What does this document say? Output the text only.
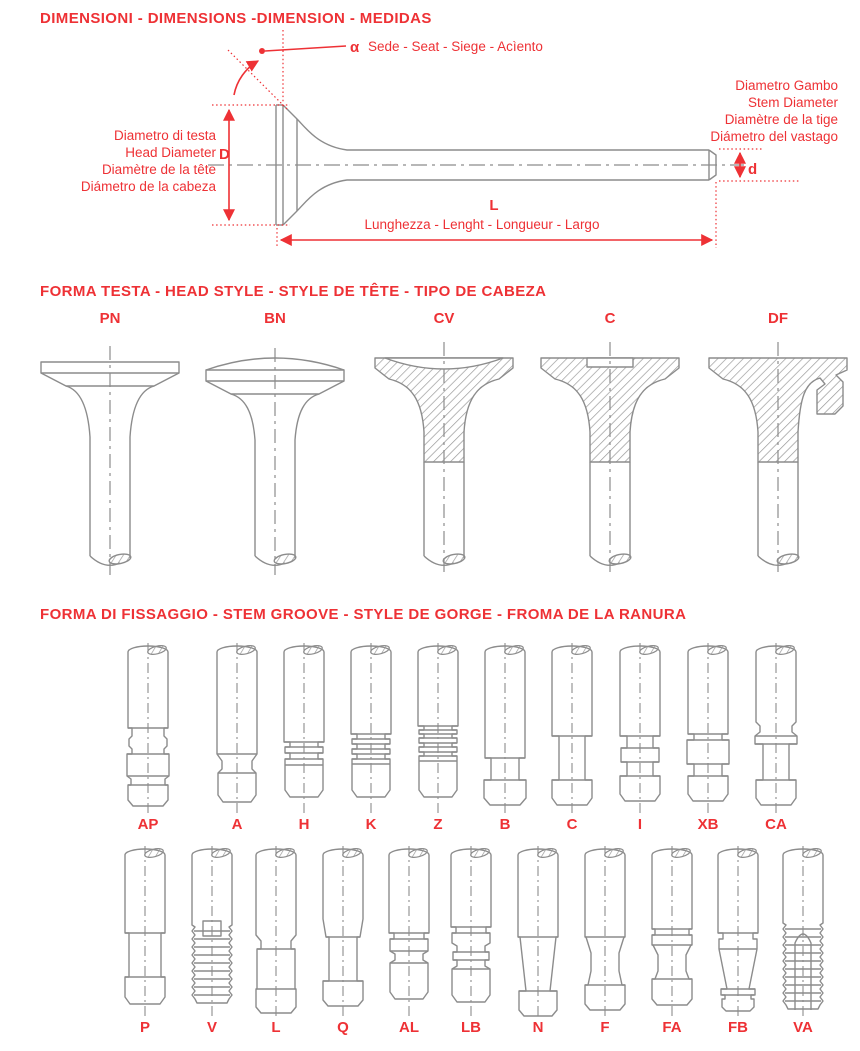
DIMENSIONI - DIMENSIONS -DIMENSION - MEDIDAS
α Sede - Seat - Siege - Acìento
D
Diametro di testa
Head Diameter
Diamètre de la tête
Diámetro de la cabeza
d
Diametro Gambo
Stem Diameter
Diamètre de la tige
Diámetro del vastago
L
Lunghezza - Lenght - Longueur - Largo
FORMA TESTA - HEAD STYLE - STYLE DE TÊTE - TIPO DE CABEZA
PN	BN	CV	C	DF
FORMA DI FISSAGGIO - STEM GROOVE - STYLE DE GORGE - FROMA DE LA RANURA
AP	A	H	K	Z	B	C	I	XB	CA
P	V	L	Q	AL	LB	N	F	FA	FB	VA
